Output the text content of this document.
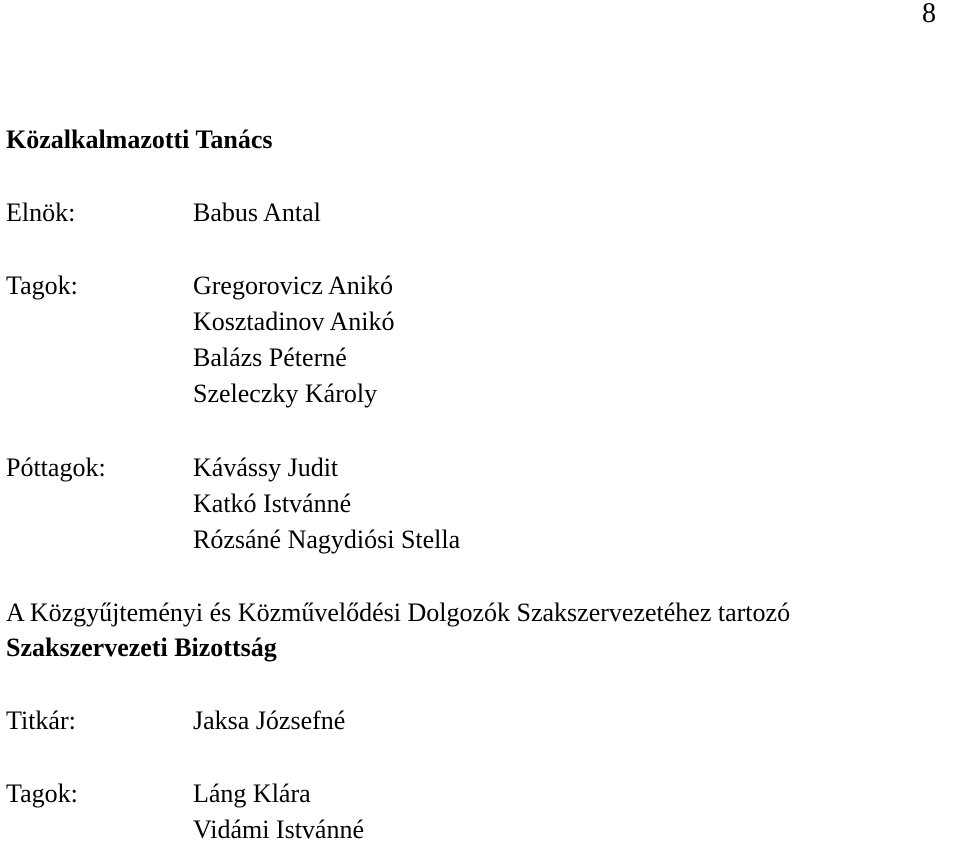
8
Közalkalmazotti Tanács
Elnök:	Babus Antal
Tagok:	Gregorovicz Anikó
Kosztadinov Anikó
Balázs Péterné
Szeleczky Károly
Póttagok:	Kávássy Judit
Katkó Istvánné
Rózsáné Nagydiósi Stella
A Közgyűjteményi és Közművelődési Dolgozók Szakszervezetéhez tartozó
Szakszervezeti Bizottság
Titkár:	Jaksa Józsefné
Tagok:	Láng Klára
Vidámi Istvánné
